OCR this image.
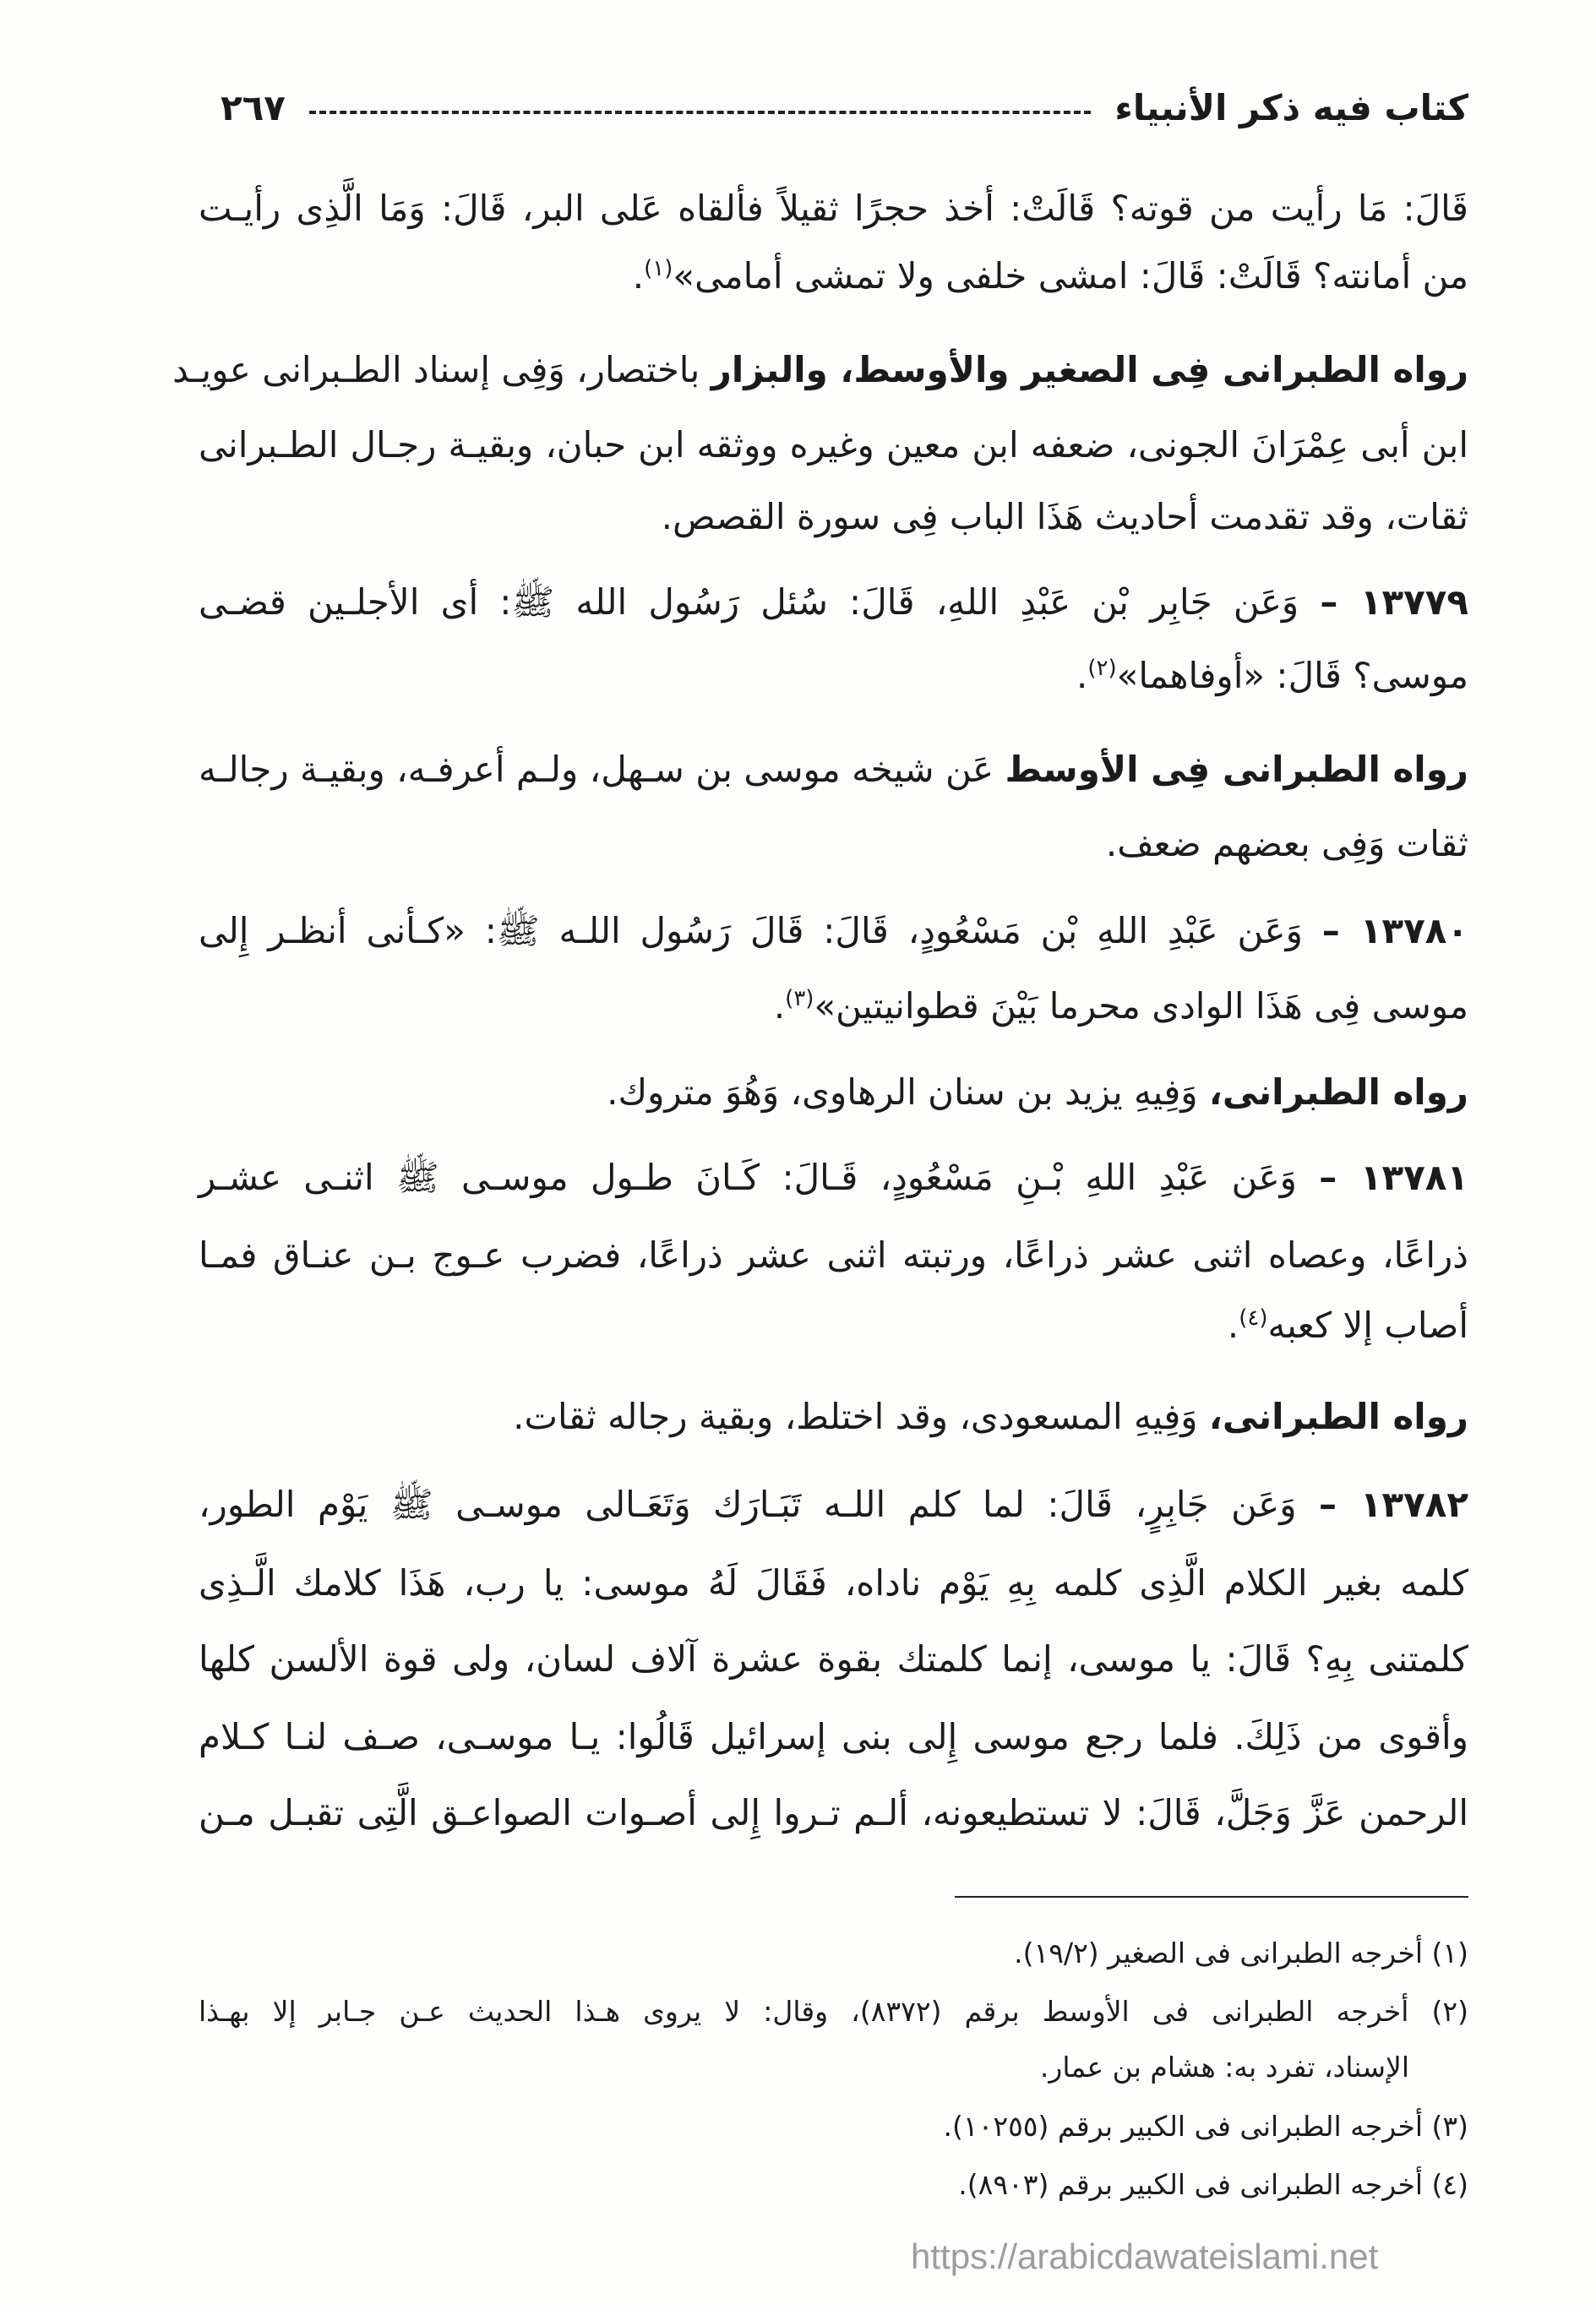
كتاب فيه ذكر الأنبياء
٢٦٧
قَالَ: مَا رأيت من قوته؟ قَالَتْ: أخذ حجرًا ثقيلاً فألقاه عَلى البر، قَالَ: وَمَا الَّذِى رأيـت
من أمانته؟ قَالَتْ: قَالَ: امشى خلفى ولا تمشى أمامى»$^{(١)}$.
رواه الطبرانى فِى الصغير والأوسط، والبزار باختصار، وَفِى إسناد الطـبرانى عويـد
ابن أبى عِمْرَانَ الجونى، ضعفه ابن معين وغيره ووثقه ابن حبان، وبقيـة رجـال الطـبرانى
ثقات، وقد تقدمت أحاديث هَذَا الباب فِى سورة القصص.
١٣٧٧٩ – وَعَن جَابِر بْن عَبْدِ اللهِ، قَالَ: سُئل رَسُول الله ﷺ: أى الأجلـين قضـى
موسى؟ قَالَ: «أوفاهما»$^{(٢)}$.
رواه الطبرانى فِى الأوسط عَن شيخه موسى بن سـهل، ولـم أعرفـه، وبقيـة رجالـه
ثقات وَفِى بعضهم ضعف.
١٣٧٨٠ – وَعَن عَبْدِ اللهِ بْن مَسْعُودٍ، قَالَ: قَالَ رَسُول اللـه ﷺ: «كـأنى أنظـر إِلى
موسى فِى هَذَا الوادى محرما بَيْنَ قطوانيتين»$^{(٣)}$.
رواه الطبرانى، وَفِيهِ يزيد بن سنان الرهاوى، وَهُوَ متروك.
١٣٧٨١ – وَعَن عَبْدِ اللهِ بْـنِ مَسْعُودٍ، قَـالَ: كَـانَ طـول موسـى ﷺ اثنـى عشـر
ذراعًا، وعصاه اثنى عشر ذراعًا، ورتبته اثنى عشر ذراعًا، فضرب عـوج بـن عنـاق فمـا
أصاب إلا كعبه$^{(٤)}$.
رواه الطبرانى، وَفِيهِ المسعودى، وقد اختلط، وبقية رجاله ثقات.
١٣٧٨٢ – وَعَن جَابِرٍ، قَالَ: لما كلم اللـه تَبَـارَك وَتَعَـالى موسـى ﷺ يَوْم الطور،
كلمه بغير الكلام الَّذِى كلمه بِهِ يَوْم ناداه، فَقَالَ لَهُ موسى: يا رب، هَذَا كلامك الَّـذِى
كلمتنى بِهِ؟ قَالَ: يا موسى، إنما كلمتك بقوة عشرة آلاف لسان، ولى قوة الألسن كلها
وأقوى من ذَلِكَ. فلما رجع موسى إِلى بنى إسرائيل قَالُوا: يـا موسـى، صـف لنـا كـلام
الرحمن عَزَّ وَجَلَّ، قَالَ: لا تستطيعونه، ألـم تـروا إِلى أصـوات الصواعـق الَّتِى تقبـل مـن
(١) أخرجه الطبرانى فى الصغير (١٩/٢).
(٢) أخرجه الطبرانى فى الأوسط برقم (٨٣٧٢)، وقال: لا يروى هـذا الحديث عـن جـابر إلا بهـذا
الإسناد، تفرد به: هشام بن عمار.
(٣) أخرجه الطبرانى فى الكبير برقم (١٠٢٥٥).
(٤) أخرجه الطبرانى فى الكبير برقم (٨٩٠٣).
https://arabicdawateislami.net
